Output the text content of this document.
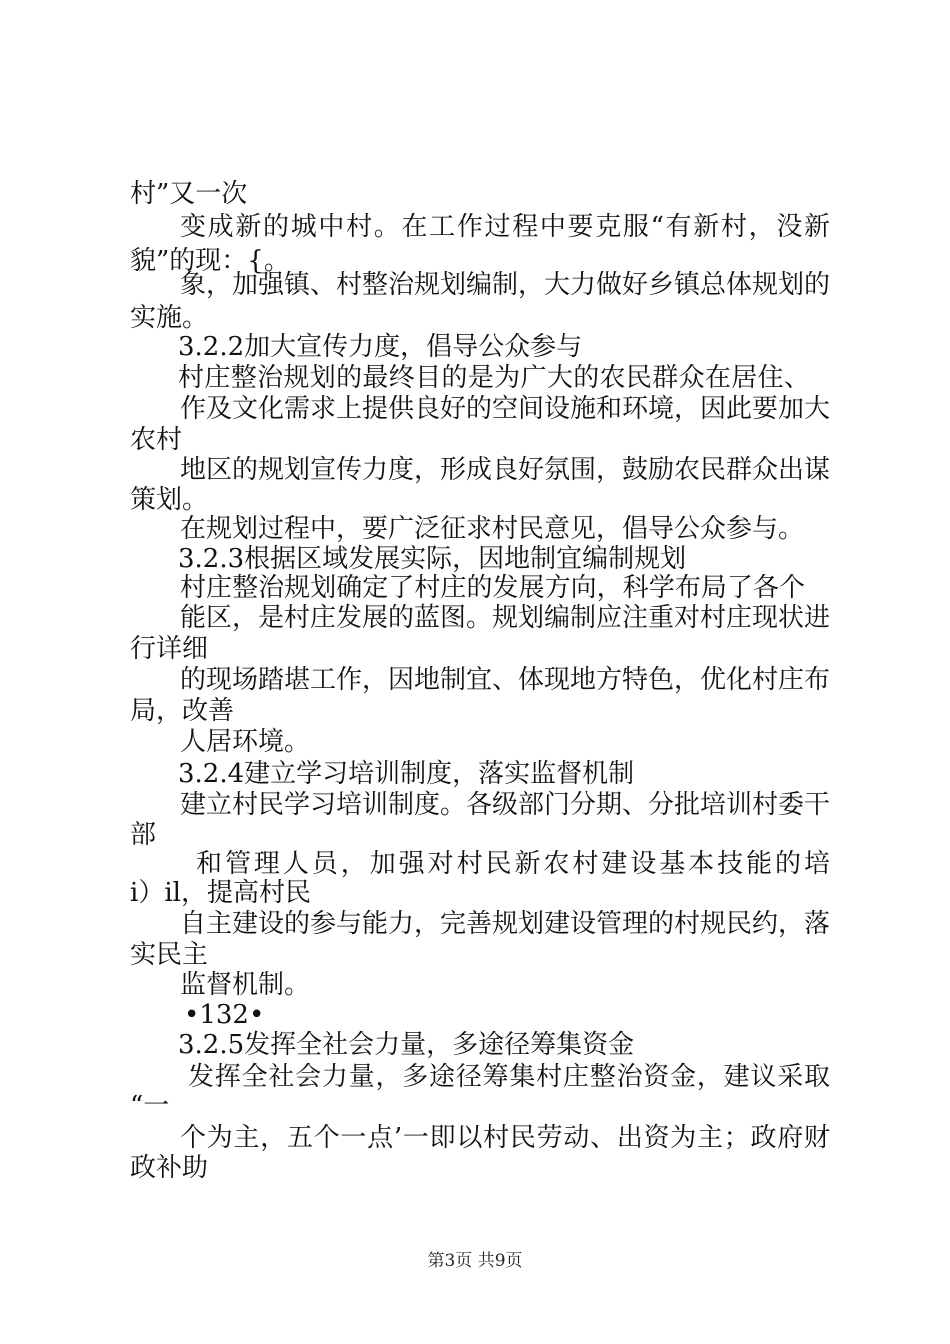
村”又一次
变成新的城中村。在工作过程中要克服“有新村，没新
貌”的现：{。
象，加强镇、村整治规划编制，大力做好乡镇总体规划的
实施。
3.2.2加大宣传力度，倡导公众参与
村庄整治规划的最终目的是为广大的农民群众在居住、
作及文化需求上提供良好的空间设施和环境，因此要加大
农村
地区的规划宣传力度，形成良好氛围，鼓励农民群众出谋
策划。
在规划过程中，要广泛征求村民意见，倡导公众参与。
3.2.3根据区域发展实际，因地制宜编制规划
村庄整治规划确定了村庄的发展方向，科学布局了各个
能区，是村庄发展的蓝图。规划编制应注重对村庄现状进
行详细
的现场踏堪工作，因地制宜、体现地方特色，优化村庄布
局，改善
人居环境。
3.2.4建立学习培训制度，落实监督机制
建立村民学习培训制度。各级部门分期、分批培训村委干
部
和管理人员，加强对村民新农村建设基本技能的培
i）il，提高村民
自主建设的参与能力，完善规划建设管理的村规民约，落
实民主
监督机制。
•132•
3.2.5发挥全社会力量，多途径筹集资金
发挥全社会力量，多途径筹集村庄整治资金，建议采取
“一
个为主，五个一点’一即以村民劳动、出资为主；政府财
政补助
第3页 共9页
